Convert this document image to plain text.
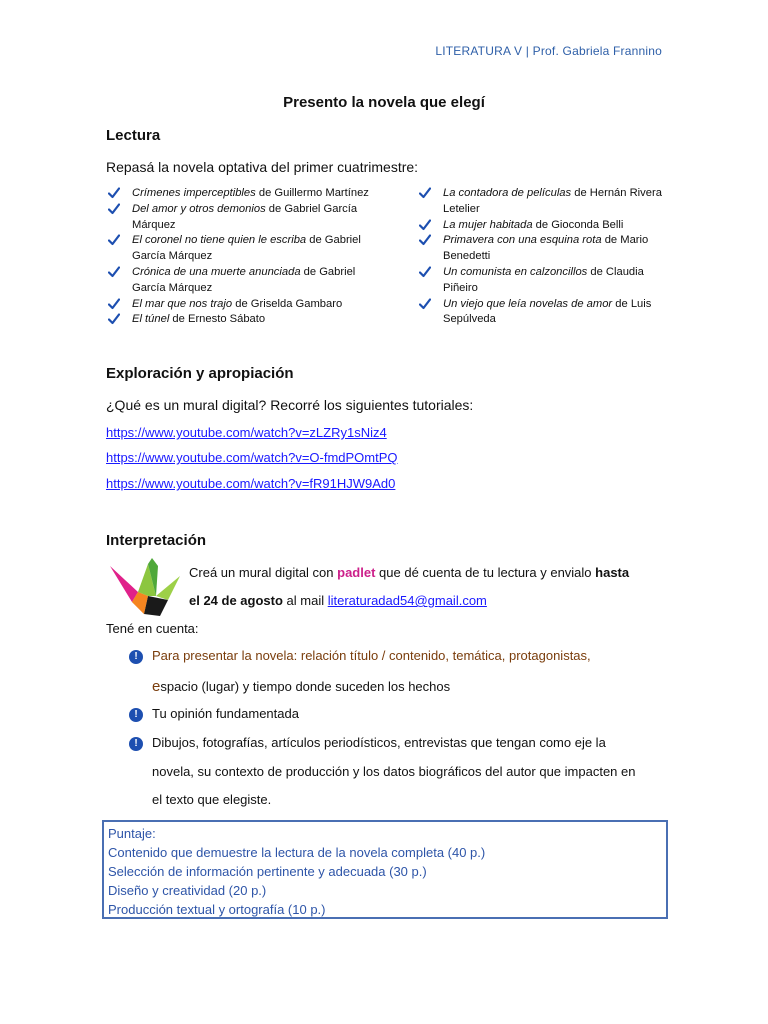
LITERATURA V | Prof. Gabriela Frannino
Presento la novela que elegí
Lectura
Repasá la novela optativa del primer cuatrimestre:
Crímenes imperceptibles de Guillermo Martínez
Del amor y otros demonios de Gabriel García Márquez
El coronel no tiene quien le escriba de Gabriel García Márquez
Crónica de una muerte anunciada de Gabriel García Márquez
El mar que nos trajo de Griselda Gambaro
El túnel de Ernesto Sábato
La contadora de películas de Hernán Rivera Letelier
La mujer habitada de Gioconda Belli
Primavera con una esquina rota de Mario Benedetti
Un comunista en calzoncillos de Claudia Piñeiro
Un viejo que leía novelas de amor de Luis Sepúlveda
Exploración y apropiación
¿Qué es un mural digital? Recorré los siguientes tutoriales:
https://www.youtube.com/watch?v=zLZRy1sNiz4
https://www.youtube.com/watch?v=O-fmdPOmtPQ
https://www.youtube.com/watch?v=fR91HJW9Ad0
Interpretación
Creá un mural digital con padlet que dé cuenta de tu lectura y envialo hasta
el 24 de agosto al mail literaturadad54@gmail.com
Tené en cuenta:
!	Para presentar la novela: relación título / contenido, temática, protagonistas,
espacio (lugar) y tiempo donde suceden los hechos
!	Tu opinión fundamentada
!	Dibujos, fotografías, artículos periodísticos, entrevistas que tengan como eje la
novela, su contexto de producción y los datos biográficos del autor que impacten en
el texto que elegiste.
Puntaje:
Contenido que demuestre la lectura de la novela completa (40 p.)
Selección de información pertinente y adecuada (30 p.)
Diseño y creatividad (20 p.)
Producción textual y ortografía (10 p.)
